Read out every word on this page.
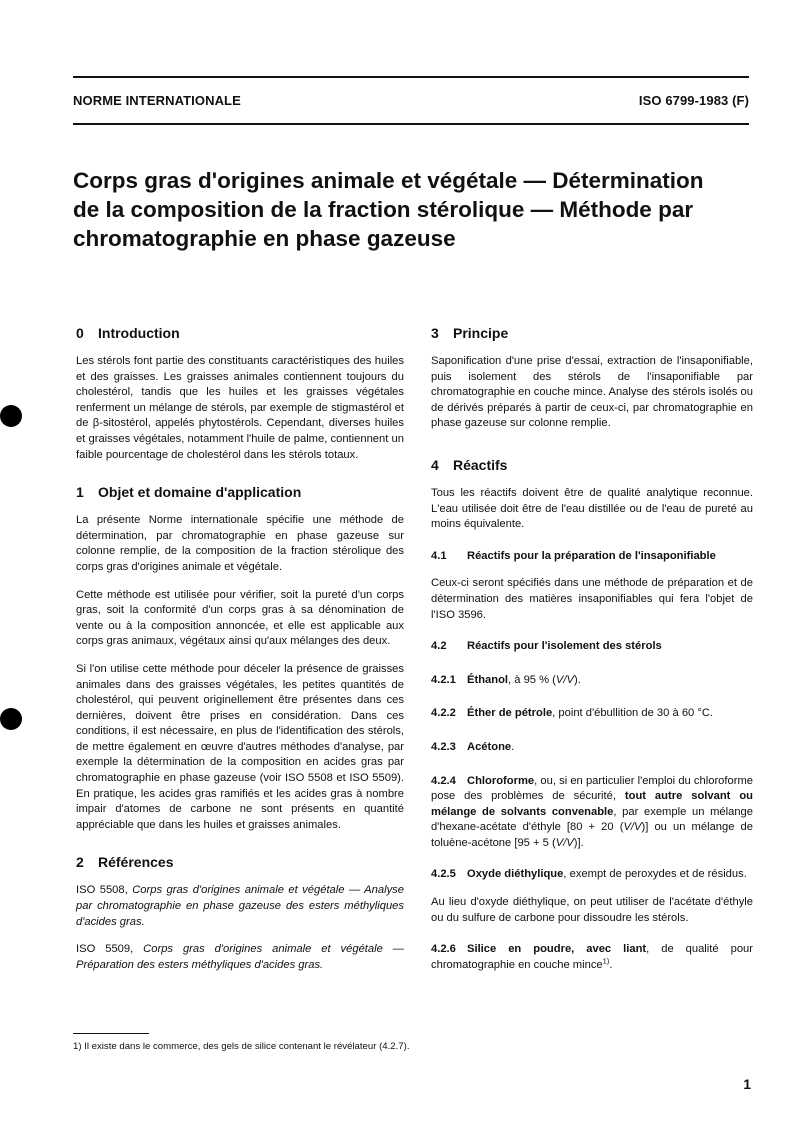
NORME INTERNATIONALE	ISO 6799-1983 (F)
Corps gras d'origines animale et végétale — Détermination de la composition de la fraction stérolique — Méthode par chromatographie en phase gazeuse
0 Introduction

Les stérols font partie des constituants caractéristiques des huiles et des graisses. Les graisses animales contiennent toujours du cholestérol, tandis que les huiles et les graisses végétales renferment un mélange de stérols, par exemple de stigmastérol et de β-sitostérol, appelés phytostérols. Cependant, diverses huiles et graisses végétales, notamment l'huile de palme, contiennent un faible pourcentage de cholestérol dans les stérols totaux.

1 Objet et domaine d'application

La présente Norme internationale spécifie une méthode de détermination, par chromatographie en phase gazeuse sur colonne remplie, de la composition de la fraction stérolique des corps gras d'origines animale et végétale.

Cette méthode est utilisée pour vérifier, soit la pureté d'un corps gras, soit la conformité d'un corps gras à sa dénomination de vente ou à la composition annoncée, et elle est applicable aux corps gras animaux, végétaux ainsi qu'aux mélanges des deux.

Si l'on utilise cette méthode pour déceler la présence de graisses animales dans des graisses végétales, les petites quantités de cholestérol, qui peuvent originellement être présentes dans ces dernières, doivent être prises en considération. Dans ces conditions, il est nécessaire, en plus de l'identification des stérols, de mettre également en œuvre d'autres méthodes d'analyse, par exemple la détermination de la composition en acides gras par chromatographie en phase gazeuse (voir ISO 5508 et ISO 5509). En pratique, les acides gras ramifiés et les acides gras à nombre impair d'atomes de carbone ne sont présents en quantité appréciable que dans les huiles et graisses animales.

2 Références

ISO 5508, Corps gras d'origines animale et végétale — Analyse par chromatographie en phase gazeuse des esters méthyliques d'acides gras.

ISO 5509, Corps gras d'origines animale et végétale — Préparation des esters méthyliques d'acides gras.

3 Principe

Saponification d'une prise d'essai, extraction de l'insaponifiable, puis isolement des stérols de l'insaponifiable par chromatographie en couche mince. Analyse des stérols isolés ou de dérivés préparés à partir de ceux-ci, par chromatographie en phase gazeuse sur colonne remplie.

4 Réactifs

Tous les réactifs doivent être de qualité analytique reconnue. L'eau utilisée doit être de l'eau distillée ou de l'eau de pureté au moins équivalente.

4.1 Réactifs pour la préparation de l'insaponifiable

Ceux-ci seront spécifiés dans une méthode de préparation et de détermination des matières insaponifiables qui fera l'objet de l'ISO 3596.

4.2 Réactifs pour l'isolement des stérols

4.2.1 Éthanol, à 95 % (V/V).

4.2.2 Éther de pétrole, point d'ébullition de 30 à 60 °C.

4.2.3 Acétone.

4.2.4 Chloroforme, ou, si en particulier l'emploi du chloroforme pose des problèmes de sécurité, tout autre solvant ou mélange de solvants convenable, par exemple un mélange d'hexane-acétate d'éthyle [80 + 20 (V/V)] ou un mélange de toluène-acétone [95 + 5 (V/V)].

4.2.5 Oxyde diéthylique, exempt de peroxydes et de résidus.

Au lieu d'oxyde diéthylique, on peut utiliser de l'acétate d'éthyle ou du sulfure de carbone pour dissoudre les stérols.

4.2.6 Silice en poudre, avec liant, de qualité pour chromatographie en couche mince$^{1)}$.

1) Il existe dans le commerce, des gels de silice contenant le révélateur (4.2.7).
1
